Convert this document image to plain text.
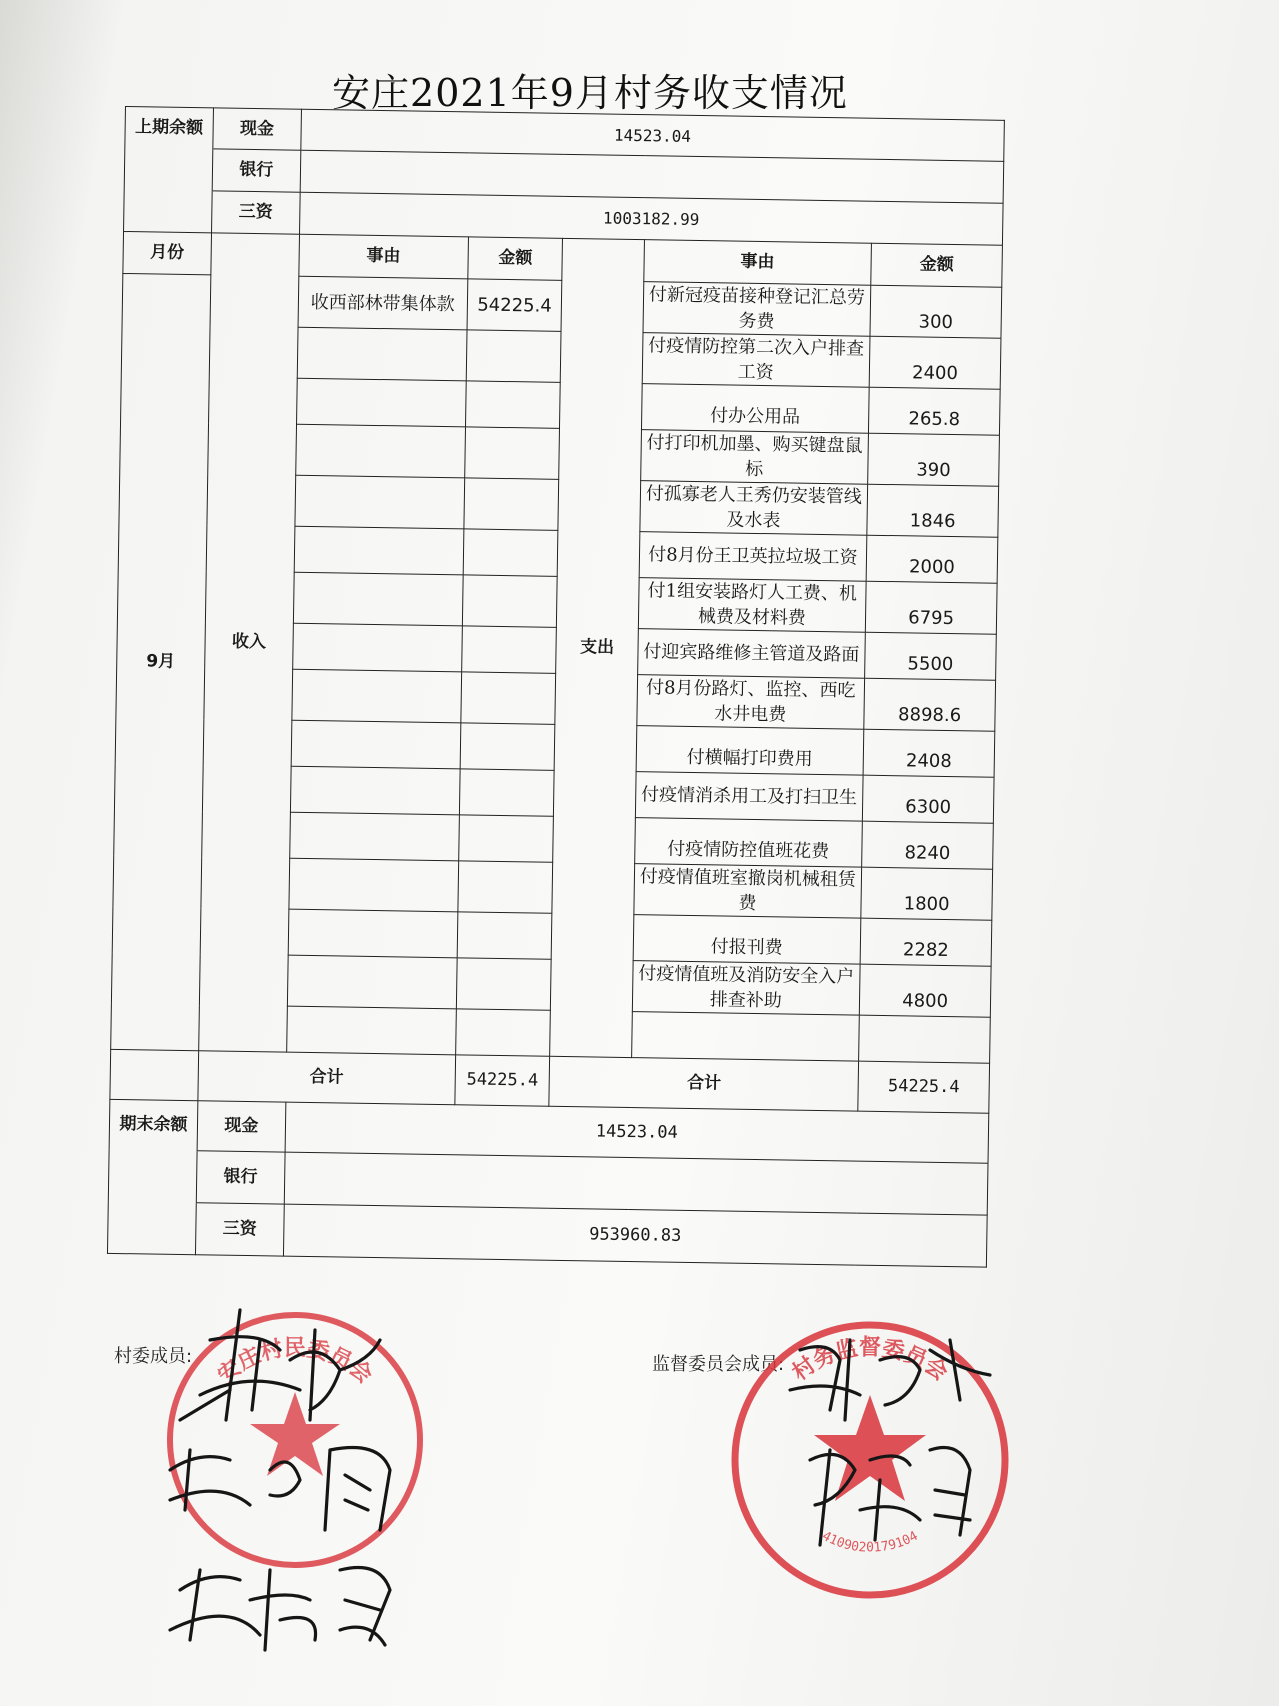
安庄2021年9月村务收支情况
上期余额	现金	14523.04				
	银行					
	三资	1003182.99				
月份	收入	事由	金额	支出	事由	金额
9月		收西部林带集体款	54225.4		付新冠疫苗接种登记汇总劳务费	300
					付疫情防控第二次入户排查工资	2400
					付办公用品	265.8
					付打印机加墨、购买键盘鼠标	390
					付孤寡老人王秀仍安装管线及水表	1846
					付8月份王卫英拉垃圾工资	2000
					付1组安装路灯人工费、机械费及材料费	6795
					付迎宾路维修主管道及路面	5500
					付8月份路灯、监控、西吃水井电费	8898.6
					付横幅打印费用	2408
					付疫情消杀用工及打扫卫生	6300
					付疫情防控值班花费	8240
					付疫情值班室撤岗机械租赁费	1800
					付报刊费	2282
					付疫情值班及消防安全入户排查补助	4800

	合计		54225.4	合计		54225.4
期末余额	现金	14523.04				
	银行					
	三资	953960.83				
村委成员:	监督委员会成员:
安庄村民委员会	村务监督委员会
4109020179104
